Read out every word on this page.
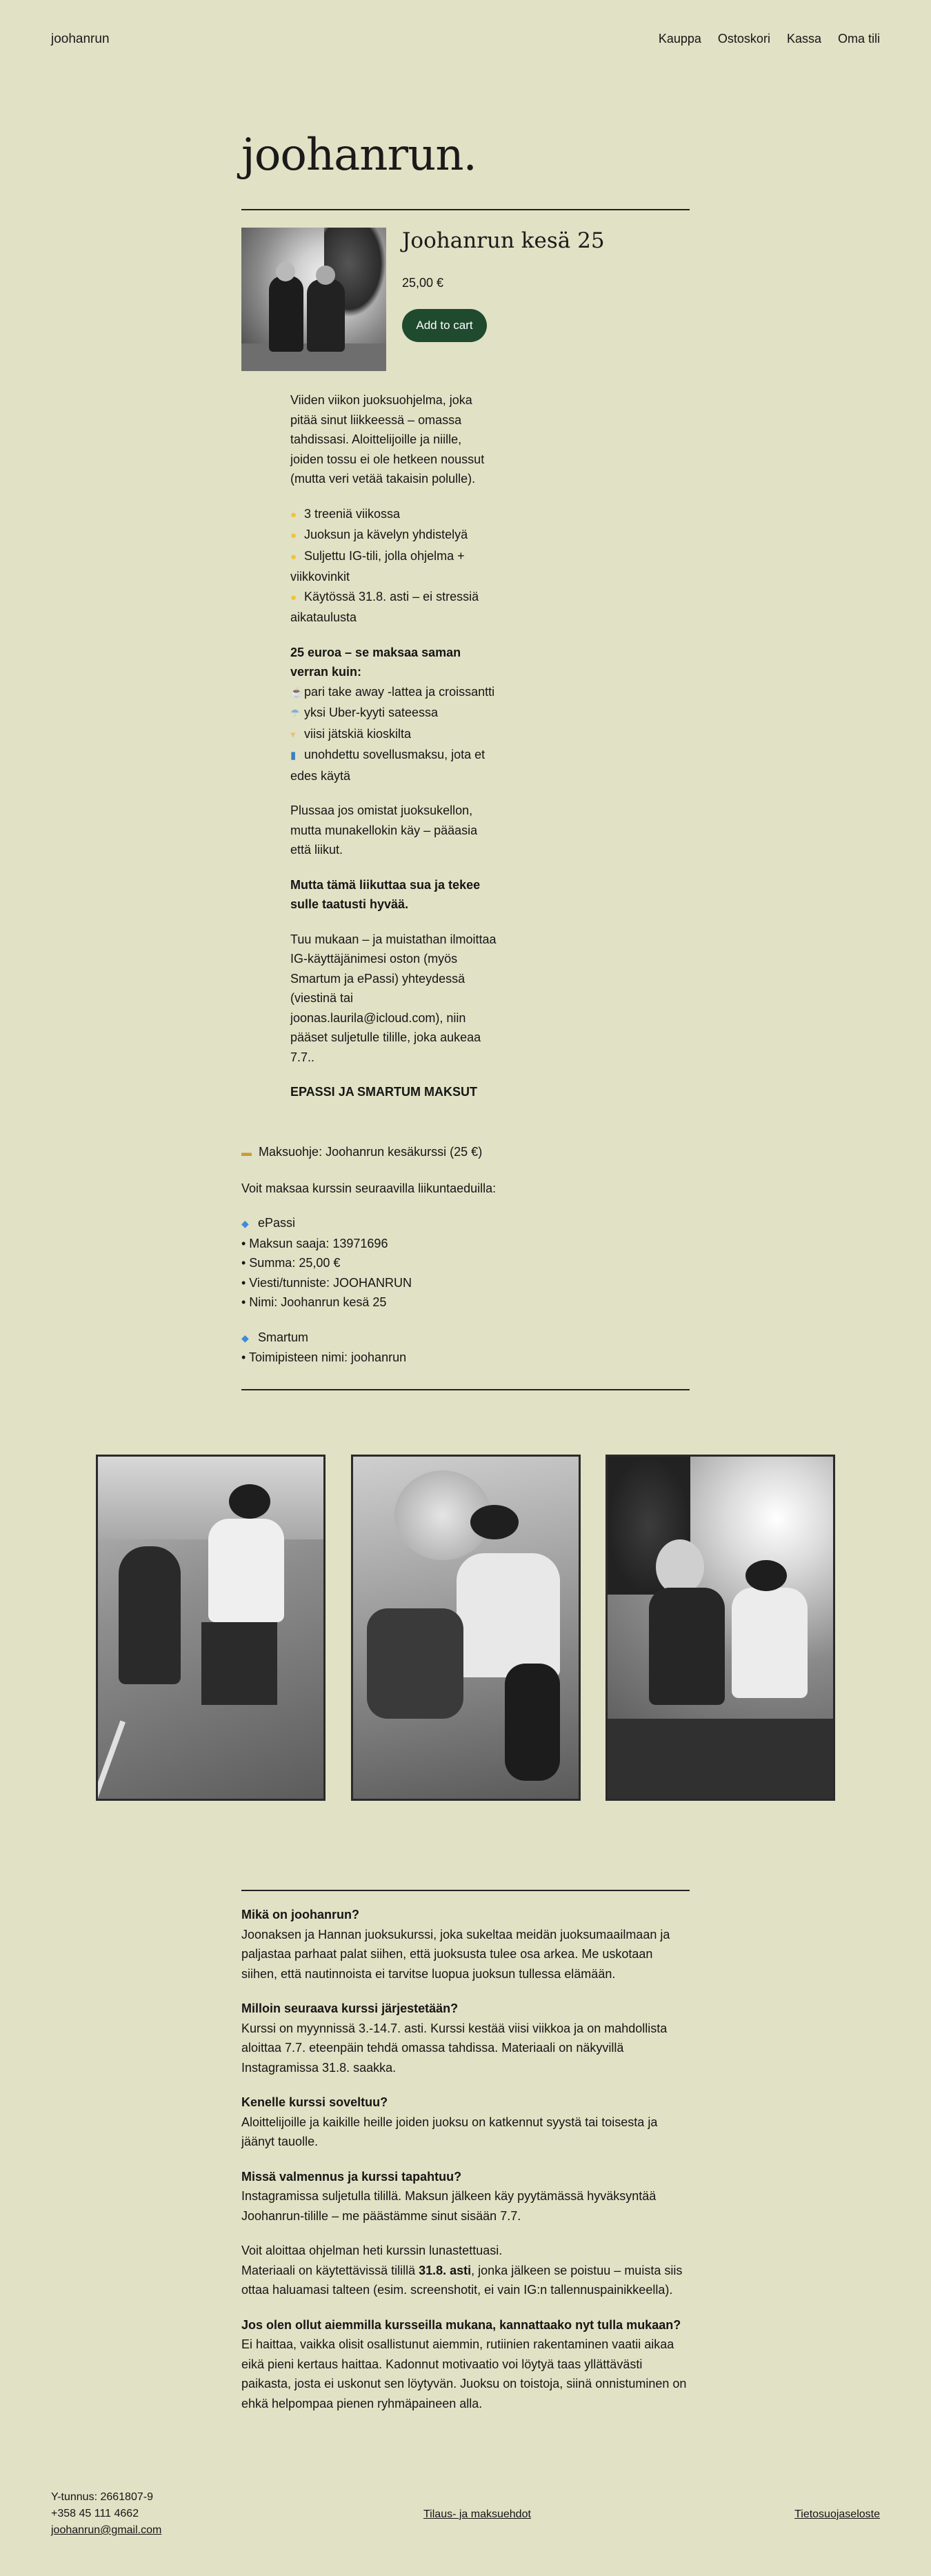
joohanrun	Kauppa Ostoskori Kassa Oma tili
joohanrun.
Joohanrun kesä 25
25,00 €
Add to cart

Viiden viikon juoksuohjelma, joka pitää sinut liikkeessä – omassa tahdissasi. Aloittelijoille ja niille, joiden tossu ei ole hetkeen noussut (mutta veri vetää takaisin polulle).

● 3 treeniä viikossa
● Juoksun ja kävelyn yhdistelyä
● Suljettu IG-tili, jolla ohjelma + viikkovinkit
● Käytössä 31.8. asti – ei stressiä aikataulusta

25 euroa – se maksaa saman verran kuin:
☕pari take away -lattea ja croissantti
☂ yksi Uber-kyyti sateessa
▾ viisi jätskiä kioskilta
▮ unohdettu sovellusmaksu, jota et edes käytä

Plussaa jos omistat juoksukellon, mutta munakellokin käy – pääasia että liikut.

Mutta tämä liikuttaa sua ja tekee sulle taatusti hyvää.

Tuu mukaan – ja muistathan ilmoittaa IG-käyttäjänimesi oston (myös Smartum ja ePassi) yhteydessä (viestinä tai joonas.laurila@icloud.com), niin pääset suljetulle tilille, joka aukeaa 7.7..

EPASSI JA SMARTUM MAKSUT

▬ Maksuohje: Joohanrun kesäkurssi (25 €)

Voit maksaa kurssin seuraavilla liikuntaeduilla:

◆ ePassi
• Maksun saaja: 13971696
• Summa: 25,00 €
• Viesti/tunniste: JOOHANRUN
• Nimi: Joohanrun kesä 25

◆ Smartum
• Toimipisteen nimi: joohanrun

Mikä on joohanrun?
Joonaksen ja Hannan juoksukurssi, joka sukeltaa meidän juoksumaailmaan ja paljastaa parhaat palat siihen, että juoksusta tulee osa arkea. Me uskotaan siihen, että nautinnoista ei tarvitse luopua juoksun tullessa elämään.

Milloin seuraava kurssi järjestetään?
Kurssi on myynnissä 3.-14.7. asti. Kurssi kestää viisi viikkoa ja on mahdollista aloittaa 7.7. eteenpäin tehdä omassa tahdissa. Materiaali on näkyvillä Instagramissa 31.8. saakka.

Kenelle kurssi soveltuu?
Aloittelijoille ja kaikille heille joiden juoksu on katkennut syystä tai toisesta ja jäänyt tauolle.

Missä valmennus ja kurssi tapahtuu?
Instagramissa suljetulla tilillä. Maksun jälkeen käy pyytämässä hyväksyntää Joohanrun-tilille – me päästämme sinut sisään 7.7.

Voit aloittaa ohjelman heti kurssin lunastettuasi.
Materiaali on käytettävissä tilillä 31.8. asti, jonka jälkeen se poistuu – muista siis ottaa haluamasi talteen (esim. screenshotit, ei vain IG:n tallennuspainikkeella).

Jos olen ollut aiemmilla kursseilla mukana, kannattaako nyt tulla mukaan?
Ei haittaa, vaikka olisit osallistunut aiemmin, rutiinien rakentaminen vaatii aikaa eikä pieni kertaus haittaa. Kadonnut motivaatio voi löytyä taas yllättävästi paikasta, josta ei uskonut sen löytyvän. Juoksu on toistoja, siinä onnistuminen on ehkä helpompaa pienen ryhmäpaineen alla.

Y-tunnus: 2661807-9
+358 45 111 4662
joohanrun@gmail.com
Tilaus- ja maksuehdot	Tietosuojaseloste
